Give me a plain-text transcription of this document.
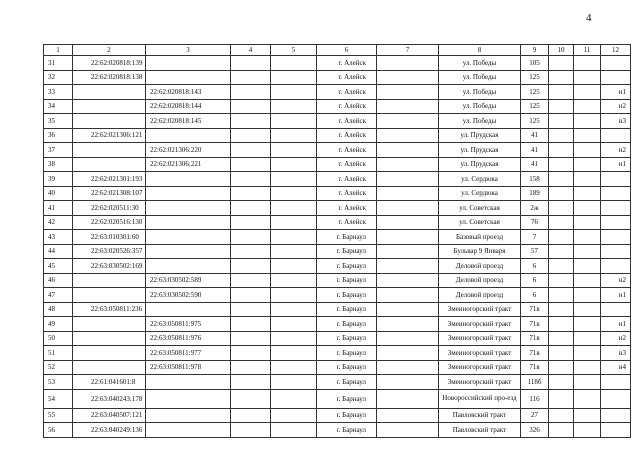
4
1	2	3	4	5	6	7	8	9	10	11	12
31	22:62:020818:139				г. Алейск		ул. Победы	105			
32	22:62:020818:138				г. Алейск		ул. Победы	125			
33		22:62:020818:143			г. Алейск		ул. Победы	125			н1
34		22:62:020818:144			г. Алейск		ул. Победы	125			н2
35		22:62:020818:145			г. Алейск		ул. Победы	125			н3
36	22:62:021306:121				г. Алейск		ул. Прудская	41			
37		22:62:021306:220			г. Алейск		ул. Прудская	41			н2
38		22:62:021306:221			г. Алейск		ул. Прудская	41			н1
39	22:62:021301:193				г. Алейск		ул. Сердюка	158			
40	22:62:021308:107				г. Алейск		ул. Сердюка	189			
41	22:62:020511:30				г. Алейск		ул. Советская	2ж			
42	22:62:020516:130				г. Алейск		ул. Советская	76			
43	22:63:010301:60				г. Барнаул		Базовый проезд	7			
44	22:63:020526:357				г. Барнаул		Бульвар 9 Января	57			
45	22:63:030502:169				г. Барнаул		Деловой проезд	6			
46		22:63:030502:589			г. Барнаул		Деловой проезд	6			н2
47		22:63:030502:590			г. Барнаул		Деловой проезд	6			н1
48	22:63:050811:236				г. Барнаул		Змеиногорский тракт	71в			
49		22:63:050811:975			г. Барнаул		Змеиногорский тракт	71в			н1
50		22:63:050811:976			г. Барнаул		Змеиногорский тракт	71в			н2
51		22:63:050811:977			г. Барнаул		Змеиногорский тракт	71в			н3
52		22:63:050811:978			г. Барнаул		Змеиногорский тракт	71в			н4
53	22:61:041601:8				г. Барнаул		Змеиногорский тракт	118б			
54	22:63:040243:178				г. Барнаул		Новороссийский про-езд	116			
55	22:63:040507:121				г. Барнаул		Павловский тракт	27			
56	22:63:040249:136				г. Барнаул		Павловский тракт	326			
